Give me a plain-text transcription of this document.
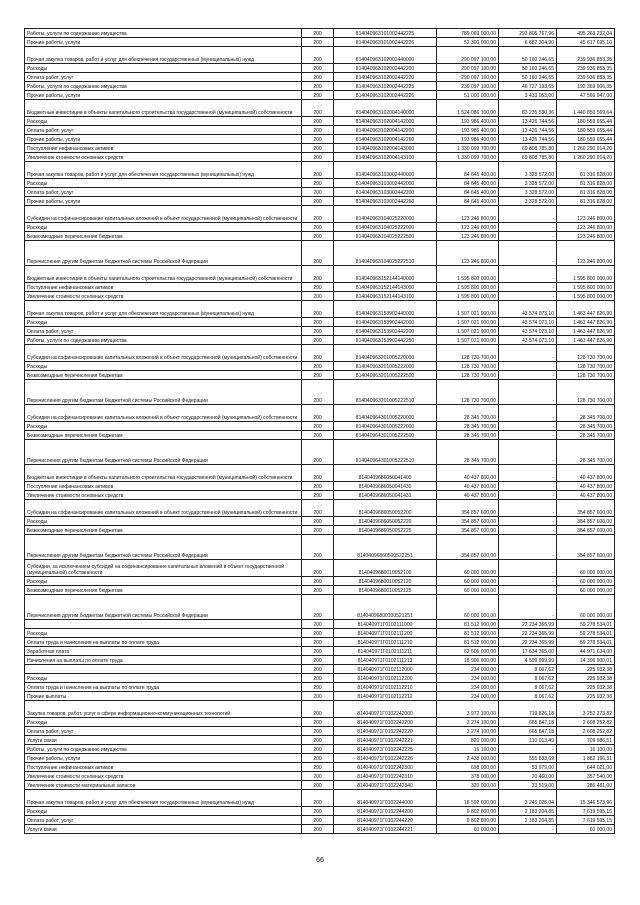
Работы, услуги по содержанию имущества	200	814040963101002442225	789 069 000,00	293 805 767,96	495 263 232,04
Прочие работы, услуги	200	814040963101002442226	52 300 000,00	6 682 304,90	45 617 695,10
Прочая закупка товаров, работ и услуг для обеспечения государственных (муниципальных) нужд	200	814040963102002440000	290 097 100,00	50 160 246,65	239 936 853,35
Расходы	200	814040963102002442200	290 097 100,00	50 160 246,65	239 936 853,35
Оплата работ, услуг	200	814040963102002442220	290 097 100,00	50 160 246,65	239 936 853,35
Работы, услуги по содержанию имущества	200	814040963102002442225	239 097 100,00	46 727 193,65	192 369 906,35
Прочие работы, услуги	200	814040963102002442226	51 000 000,00	3 433 053,00	47 566 947,00
Бюджетные инвестиции в объекты капитального строительства государственной (муниципальной) собственности	200	814040963102004140000	1 524 086 100,00	83 235 530,36	1 440 850 569,64
Расходы	200	814040963102004142000	193 986 400,00	13 426 744,56	180 559 655,44
Оплата работ, услуг	200	814040963102004142200	193 986 400,00	13 426 744,56	180 559 655,44
Прочие работы, услуги	200	814040963102004142260	193 986 400,00	13 426 744,56	180 559 655,44
Поступление нефинансовых активов	200	814040963102004143000	1 330 099 700,00	69 808 785,80	1 260 290 914,20
Увеличение стоимости основных средств	200	814040963102004143100	1 330 099 700,00	69 808 785,80	1 260 290 914,20
Прочая закупка товаров, работ и услуг для обеспечения государственных (муниципальных) нужд	200	814040963103002440000	84 645 400,00	3 328 572,00	81 316 828,00
Расходы	200	814040963103002442000	84 645 400,00	3 328 572,00	81 316 828,00
Оплата работ, услуг	200	814040963103002442200	84 645 400,00	3 328 572,00	81 316 828,00
Прочие работы, услуги	200	814040963103002442260	84 645 400,00	3 328 572,00	81 316 828,00
Субсидии на софинансирование капитальных вложений в объект государственной (муниципальной) собственности	200	814040963104025220000	123 246 800,00	-	123 246 800,00
Расходы	200	814040963104025222000	123 246 800,00	-	123 246 800,00
Безвозмездные перечисления бюджетам	200	814040963104025222500	123 246 800,00	-	123 246 800,00
Перечисления другим бюджетам бюджетной системы Российской Федерации	200	814040963104025222510	123 246 800,00	-	123 246 800,00
Бюджетные инвестиции в объекты капитального строительства государственной (муниципальной) собственности	200	814040963152144140000	1 595 800 000,00	-	1 595 800 000,00
Поступление нефинансовых активов	200	814040963152144143000	1 595 800 000,00	-	1 595 800 000,00
Увеличение стоимости основных средств	200	814040963152144143100	1 595 800 000,00	-	1 595 800 000,00
Прочая закупка товаров, работ и услуг для обеспечения государственных (муниципальных) нужд	200	814040963153902440000	1 507 021 900,00	43 574 073,10	1 463 447 826,90
Расходы	200	814040963153902442000	1 507 021 900,00	43 574 073,10	1 463 447 826,90
Оплата работ, услуг	200	814040963153902442200	1 507 021 900,00	43 574 073,10	1 463 447 826,90
Работы, услуги по содержанию имущества	200	814040963153902442250	1 507 021 900,00	43 574 073,10	1 463 447 826,90
Субсидии на софинансирование капитальных вложений в объект государственной (муниципальной) собственности	200	814040963201005220000	128 730 700,00	-	128 730 700,00
Расходы	200	814040963201005222000	128 730 700,00	-	128 730 700,00
Безвозмездные перечисления бюджетам	200	814040963201005222500	128 730 700,00	-	128 730 700,00
Перечисления другим бюджетам бюджетной системы Российской Федерации	200	814040963201005222510	128 730 700,00	-	128 730 700,00
Субсидии на софинансирование капитальных вложений в объект государственной (муниципальной) собственности	200	814040964301005220000	28 345 700,00	-	28 345 700,00
Расходы	200	814040964301005222000	28 345 700,00	-	28 345 700,00
Безвозмездные перечисления бюджетам	200	814040964301005222500	28 345 700,00	-	28 345 700,00
Перечисления другим бюджетам бюджетной системы Российской Федерации	200	814040964301005222510	28 345 700,00	-	28 345 700,00
Бюджетные инвестиции в объекты капитального строительства государственной (муниципальной) собственности	200	8140409686050041400	40 437 800,00	-	40 437 800,00
Поступление нефинансовых активов	200	8140409686050041430	40 437 800,00	-	40 437 800,00
Увеличение стоимости основных средств	200	8140409686050041431	40 437 800,00	-	40 437 800,00
Субсидии на софинансирование капитальных вложений в объект государственной (муниципальной) собственности	200	8140409686050052200	354 857 600,00	-	354 857 600,00
Расходы	200	8140409686050052220	354 857 600,00	-	354 857 600,00
Безвозмездные перечисления бюджетам	200	8140409686050052225	354 857 600,00	-	354 857 600,00
Перечисления другим бюджетам бюджетной системы Российской Федерации	200	81404096860500522251	354 857 600,00	-	354 857 600,00
Субсидии, за исключением субсидий на софинансирование капитальных вложений в объект государственной (муниципальной) собственности	200	8140409680010052100	60 000 000,00	-	60 000 000,00
Расходы	200	8140409680010052120	60 000 000,00	-	60 000 000,00
Безвозмездные перечисления бюджетам	200	8140409680010052125	60 000 000,00	-	60 000 000,00
Перечисления другим бюджетам бюджетной системы Российской Федерации	200	81404096800100521251	60 000 000,00	-	60 000 000,00
	200	814040971Г0102111000	81 512 900,00	22 234 365,99	59 278 534,01
Расходы	200	814040971Г0102111200	81 512 900,00	22 234 365,99	59 278 534,01
Оплата труда и начисления на выплаты по оплате труда	200	814040971Г0102111210	81 512 900,00	22 234 365,99	59 278 534,01
Заработная плата	200	814040971Г0102111211	62 606 000,00	17 634 365,00	44 971 634,00
Начисления на выплаты по оплате труда	200	814040971Г0102111213	18 906 900,00	4 599 999,99	14 306 900,01
	200	814040971Г0102112000	234 000,00	8 067,62	225 932,38
Расходы	200	814040971Г0102112200	234 000,00	8 067,62	225 932,38
Оплата труда и начисления на выплаты по оплате труда	200	814040971Г0102112210	234 000,00	8 067,62	225 932,38
Прочие выплаты	200	814040971Г0102112212	234 000,00	8 067,62	225 932,38
Закупка товаров, работ, услуг в сфере информационно-коммуникационных технологий	200	814040971Г0102242000	3 972 100,00	719 826,18	3 252 273,82
Расходы	200	814040971Г0102242200	3 274 100,00	665 847,18	2 608 252,82
Оплата работ, услуг	200	814040971Г0102242220	3 274 100,00	665 847,18	2 608 252,82
Услуги связи	200	814040971Г0102242221	820 000,00	110 013,49	709 986,51
Работы, услуги по содержанию имущества	200	814040971Г0102242225	16 100,00	-	16 100,00
Прочие работы, услуги	200	814040971Г0102242226	2 438 000,00	555 833,69	1 882 166,31
Поступление нефинансовых активов	200	814040971Г0102242300	698 000,00	53 979,00	644 021,00
Увеличение стоимости основных средств	200	814040971Г0102242310	378 000,00	20 460,00	357 540,00
Увеличение стоимости материальных запасов	200	814040971Г0102242340	320 000,00	33 519,00	286 481,00
Прочая закупка товаров, работ и услуг для обеспечения государственных (муниципальных) нужд	200	814040971Г0102244000	18 592 600,00	3 246 026,04	15 346 573,96
Расходы	200	814040971Г0102244200	9 802 800,00	2 183 204,85	7 619 595,15
Оплата работ, услуг	200	814040971Г0102244220	9 802 800,00	2 183 204,85	7 619 595,15
Услуги связи	200	814040971Г0102244221	60 000,00	-	60 000,00
66
